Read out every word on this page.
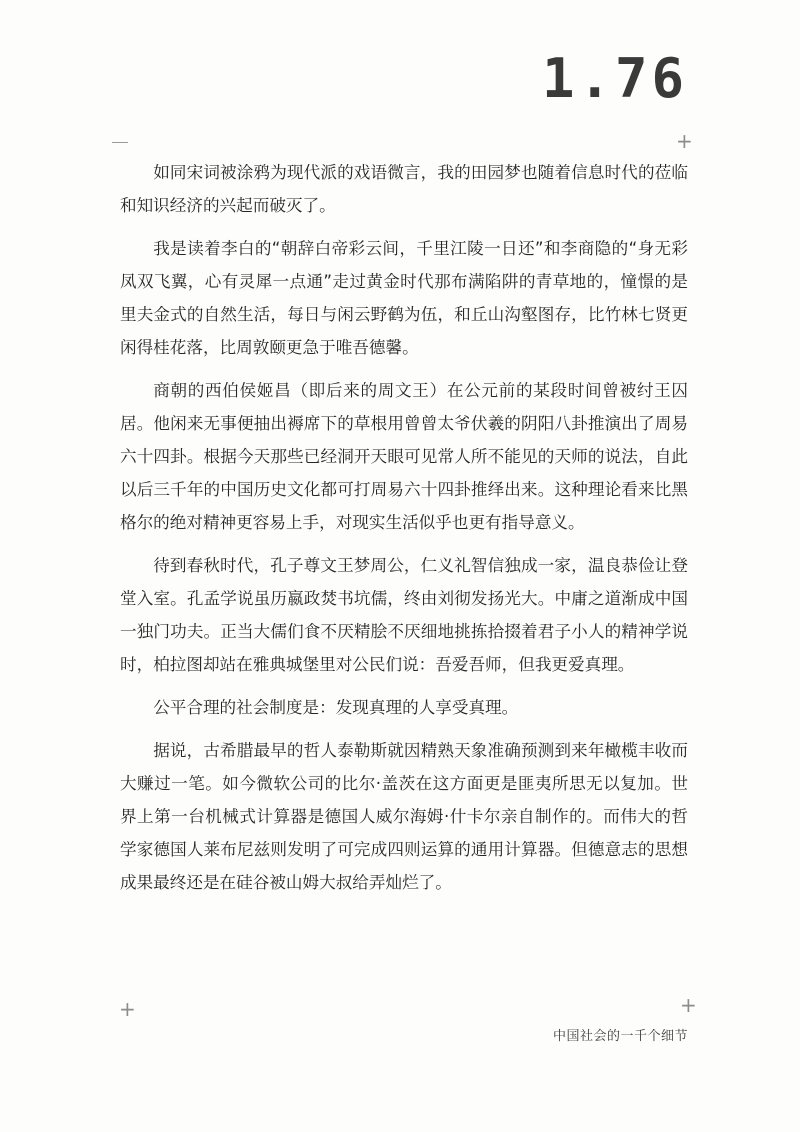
1.76
+
+	+

如同宋词被涂鸦为现代派的戏语微言，我的田园梦也随着信息时代的莅临和知识经济的兴起而破灭了。

我是读着李白的“朝辞白帝彩云间，千里江陵一日还”和李商隐的“身无彩凤双飞翼，心有灵犀一点通”走过黄金时代那布满陷阱的青草地的，憧憬的是里夫金式的自然生活，每日与闲云野鹤为伍，和丘山沟壑图存，比竹林七贤更闲得桂花落，比周敦颐更急于唯吾德馨。

商朝的西伯侯姬昌（即后来的周文王）在公元前的某段时间曾被纣王囚居。他闲来无事便抽出褥席下的草根用曾曾太爷伏羲的阴阳八卦推演出了周易六十四卦。根据今天那些已经洞开天眼可见常人所不能见的天师的说法，自此以后三千年的中国历史文化都可打周易六十四卦推绎出来。这种理论看来比黑格尔的绝对精神更容易上手，对现实生活似乎也更有指导意义。

待到春秋时代，孔子尊文王梦周公，仁义礼智信独成一家，温良恭俭让登堂入室。孔孟学说虽历嬴政焚书坑儒，终由刘彻发扬光大。中庸之道渐成中国一独门功夫。正当大儒们食不厌精脍不厌细地挑拣拾掇着君子小人的精神学说时，柏拉图却站在雅典城堡里对公民们说：吾爱吾师，但我更爱真理。

公平合理的社会制度是：发现真理的人享受真理。

据说，古希腊最早的哲人泰勒斯就因精熟天象准确预测到来年橄榄丰收而大赚过一笔。如今微软公司的比尔·盖茨在这方面更是匪夷所思无以复加。世界上第一台机械式计算器是德国人威尔海姆·什卡尔亲自制作的。而伟大的哲学家德国人莱布尼兹则发明了可完成四则运算的通用计算器。但德意志的思想成果最终还是在硅谷被山姆大叔给弄灿烂了。

中国社会的一千个细节
